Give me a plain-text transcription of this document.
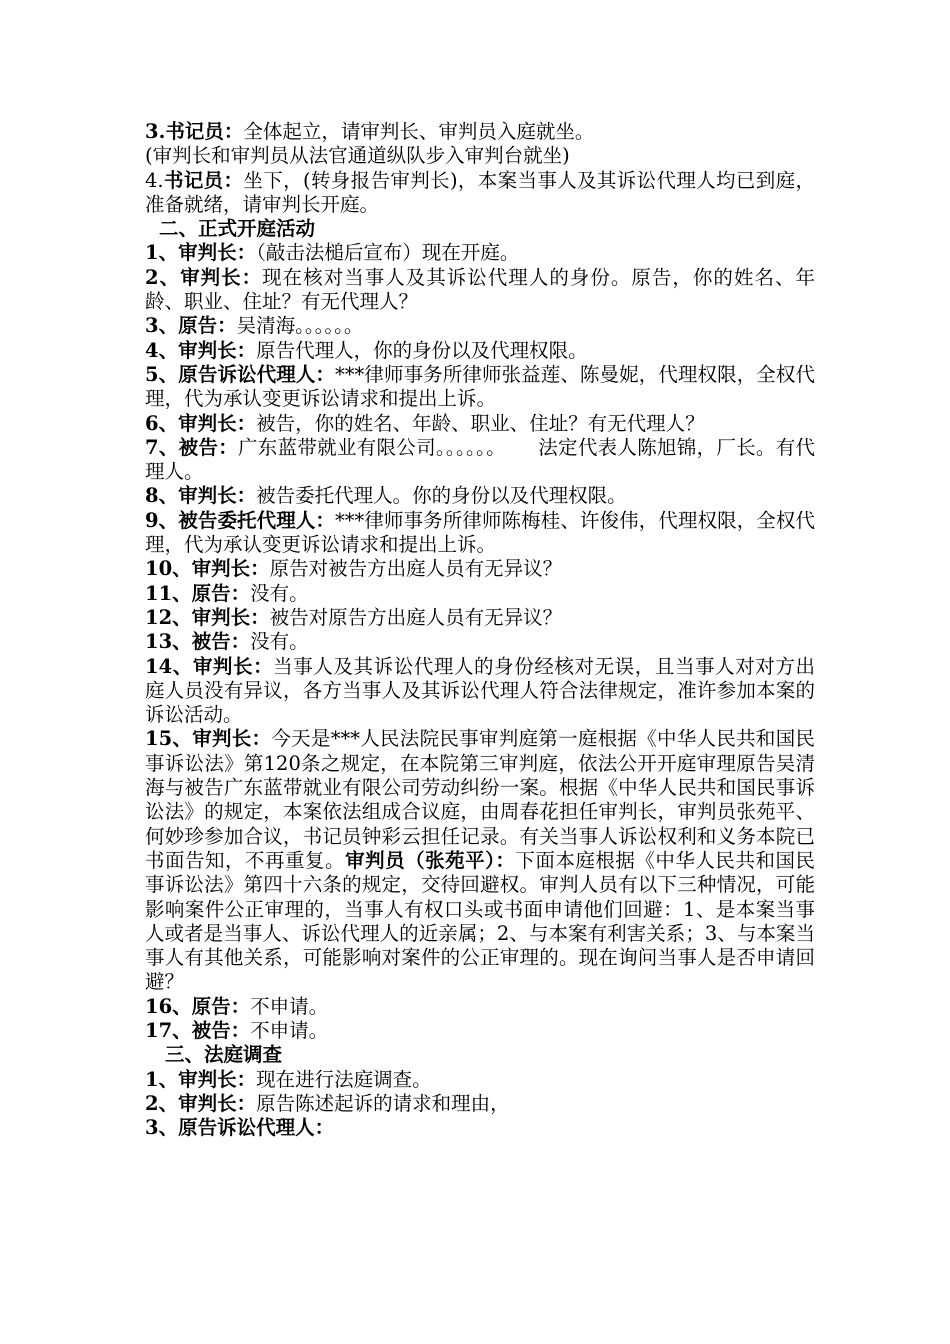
3.书记员：全体起立，请审判长、审判员入庭就坐。

(审判长和审判员从法官通道纵队步入审判台就坐)

4.书记员：坐下，(转身报告审判长)，本案当事人及其诉讼代理人均已到庭，准备就绪，请审判长开庭。

二、正式开庭活动

1、审判长：（敲击法槌后宣布）现在开庭。

2、审判长：现在核对当事人及其诉讼代理人的身份。原告，你的姓名、年龄、职业、住址？有无代理人？

3、原告：吴清海。。。。。。

4、审判长：原告代理人，你的身份以及代理权限。

5、原告诉讼代理人：***律师事务所律师张益莲、陈曼妮，代理权限，全权代理，代为承认变更诉讼请求和提出上诉。

6、审判长：被告，你的姓名、年龄、职业、住址？有无代理人？

7、被告：广东蓝带就业有限公司。。。。。。     法定代表人陈旭锦，厂长。有代理人。

8、审判长：被告委托代理人。你的身份以及代理权限。

9、被告委托代理人：***律师事务所律师陈梅桂、许俊伟，代理权限，全权代理，代为承认变更诉讼请求和提出上诉。

10、审判长：原告对被告方出庭人员有无异议？

11、原告：没有。

12、审判长：被告对原告方出庭人员有无异议？

13、被告：没有。

14、审判长：当事人及其诉讼代理人的身份经核对无误，且当事人对对方出庭人员没有异议，各方当事人及其诉讼代理人符合法律规定，准许参加本案的诉讼活动。

15、审判长：今天是***人民法院民事审判庭第一庭根据《中华人民共和国民事诉讼法》第120条之规定，在本院第三审判庭，依法公开开庭审理原告吴清海与被告广东蓝带就业有限公司劳动纠纷一案。根据《中华人民共和国民事诉讼法》的规定，本案依法组成合议庭，由周春花担任审判长，审判员张苑平、何妙珍参加合议，书记员钟彩云担任记录。有关当事人诉讼权利和义务本院已书面告知，不再重复。审判员（张苑平）：下面本庭根据《中华人民共和国民事诉讼法》第四十六条的规定，交待回避权。审判人员有以下三种情况，可能影响案件公正审理的，当事人有权口头或书面申请他们回避：1、是本案当事人或者是当事人、诉讼代理人的近亲属；2、与本案有利害关系；3、与本案当事人有其他关系，可能影响对案件的公正审理的。现在询问当事人是否申请回避？

16、原告：不申请。

17、被告：不申请。

三、法庭调查

1、审判长：现在进行法庭调查。

2、审判长：原告陈述起诉的请求和理由，

3、原告诉讼代理人：
